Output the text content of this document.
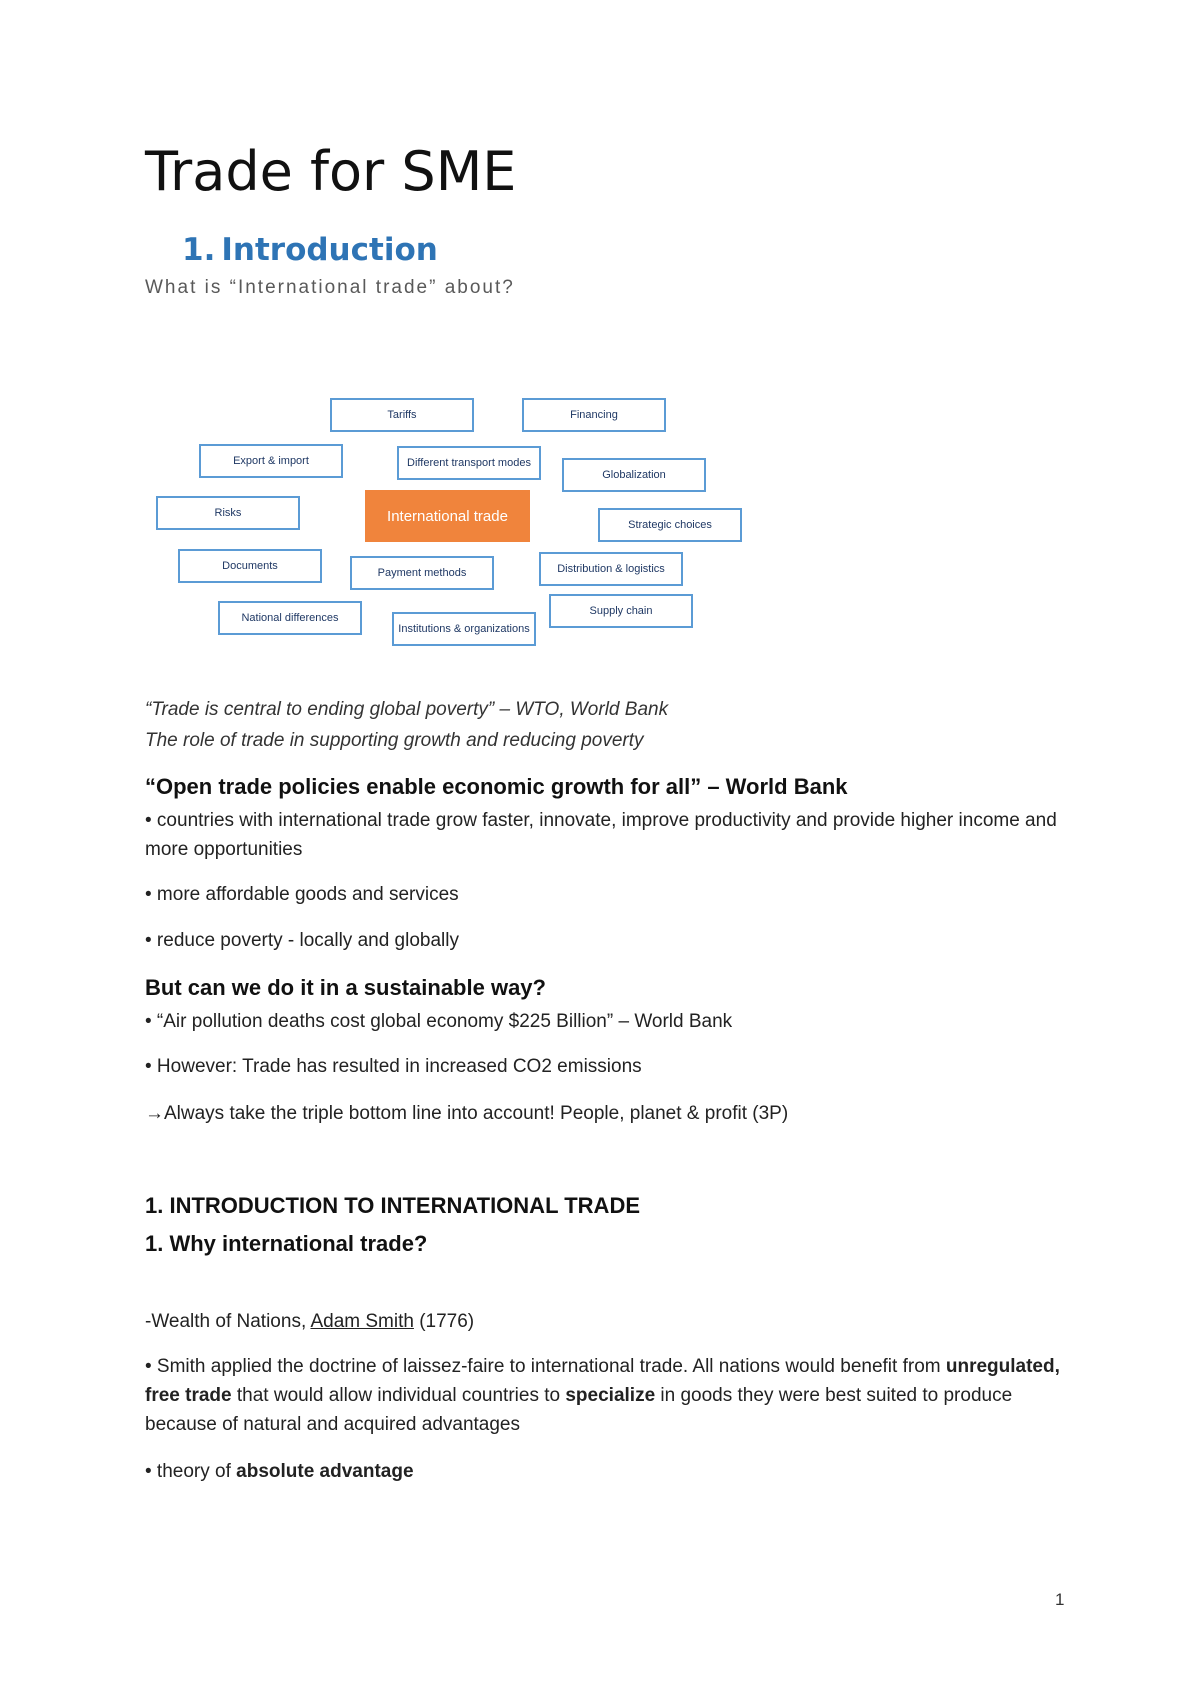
Trade for SME
1. Introduction
What is “International trade” about?
Tariffs	Financing
Export & import	Different transport modes
Globalization
Risks	International trade
Strategic choices
Documents
Payment methods	Distribution & logistics
Supply chain
National differences
Institutions & organizations
“Trade is central to ending global poverty” – WTO, World Bank
The role of trade in supporting growth and reducing poverty
“Open trade policies enable economic growth for all” – World Bank
• countries with international trade grow faster, innovate, improve productivity and provide higher income and more opportunities
• more affordable goods and services
• reduce poverty - locally and globally
But can we do it in a sustainable way?
• “Air pollution deaths cost global economy $225 Billion” – World Bank
• However: Trade has resulted in increased CO2 emissions
→Always take the triple bottom line into account! People, planet & profit (3P)
1. INTRODUCTION TO INTERNATIONAL TRADE
1. Why international trade?
-Wealth of Nations, Adam Smith (1776)
• Smith applied the doctrine of laissez-faire to international trade. All nations would benefit from unregulated, free trade that would allow individual countries to specialize in goods they were best suited to produce because of natural and acquired advantages
• theory of absolute advantage
1
